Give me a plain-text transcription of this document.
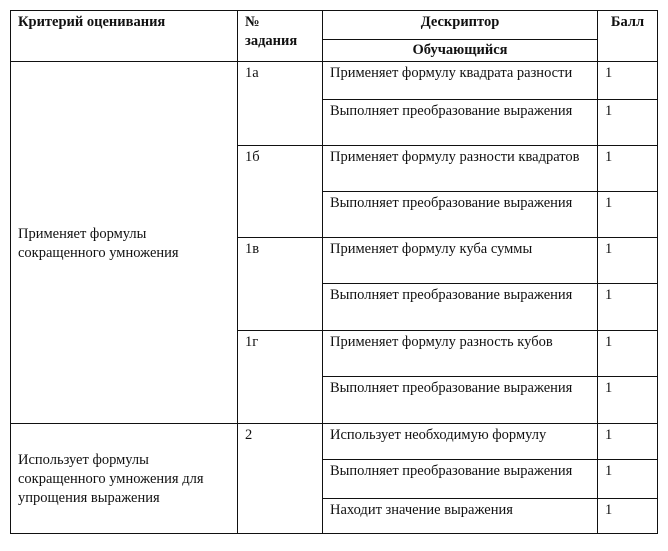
Критерий оценивания	№ задания	Дескриптор	Балл
		Обучающийся	
Применяет формулы сокращенного умножения	1а	Применяет формулу квадрата разности	1
		Выполняет преобразование выражения	1
	1б	Применяет формулу разности квадратов	1
		Выполняет преобразование выражения	1
	1в	Применяет формулу куба суммы	1
		Выполняет преобразование выражения	1
	1г	Применяет формулу разность кубов	1
		Выполняет преобразование выражения	1
Использует формулы сокращенного умножения для упрощения выражения	2	Использует необходимую формулу	1
		Выполняет преобразование выражения	1
		Находит значение выражения	1
